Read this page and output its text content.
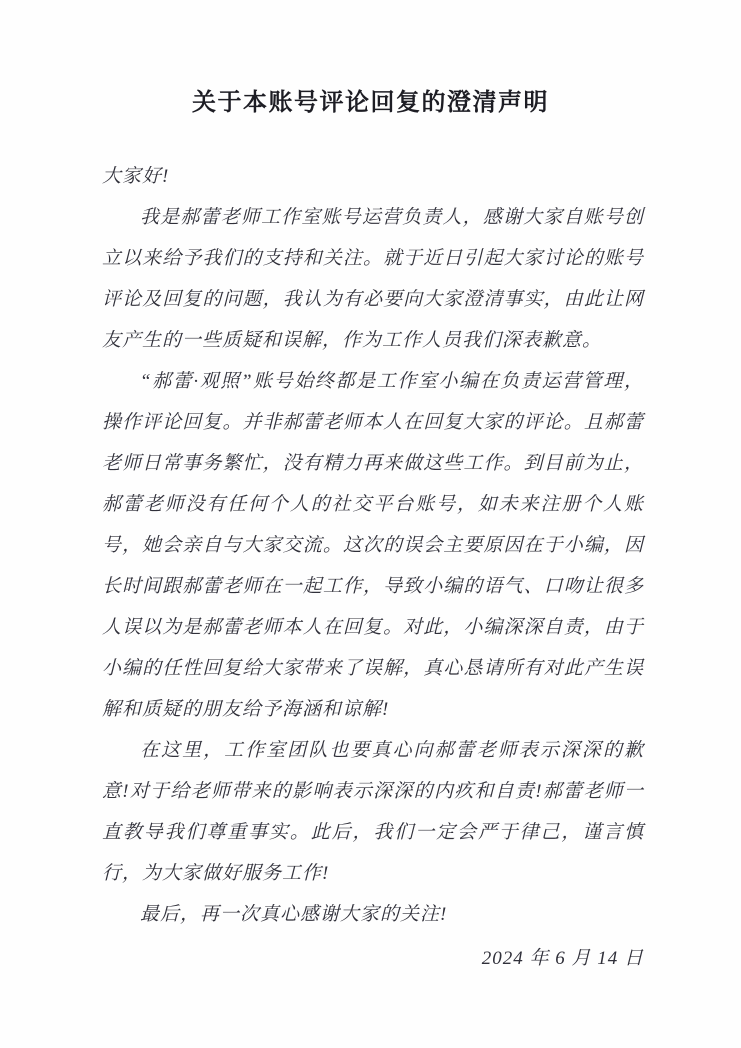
关于本账号评论回复的澄清声明

大家好!

我是郝蕾老师工作室账号运营负责人，感谢大家自账号创立以来给予我们的支持和关注。就于近日引起大家讨论的账号评论及回复的问题，我认为有必要向大家澄清事实，由此让网友产生的一些质疑和误解，作为工作人员我们深表歉意。

“郝蕾·观照”账号始终都是工作室小编在负责运营管理，操作评论回复。并非郝蕾老师本人在回复大家的评论。且郝蕾老师日常事务繁忙，没有精力再来做这些工作。到目前为止，郝蕾老师没有任何个人的社交平台账号，如未来注册个人账号，她会亲自与大家交流。这次的误会主要原因在于小编，因长时间跟郝蕾老师在一起工作，导致小编的语气、口吻让很多人误以为是郝蕾老师本人在回复。对此，小编深深自责，由于小编的任性回复给大家带来了误解，真心恳请所有对此产生误解和质疑的朋友给予海涵和谅解!

在这里，工作室团队也要真心向郝蕾老师表示深深的歉意!对于给老师带来的影响表示深深的内疚和自责!郝蕾老师一直教导我们尊重事实。此后，我们一定会严于律己，谨言慎行，为大家做好服务工作!

最后，再一次真心感谢大家的关注!

2024 年 6 月 14 日
